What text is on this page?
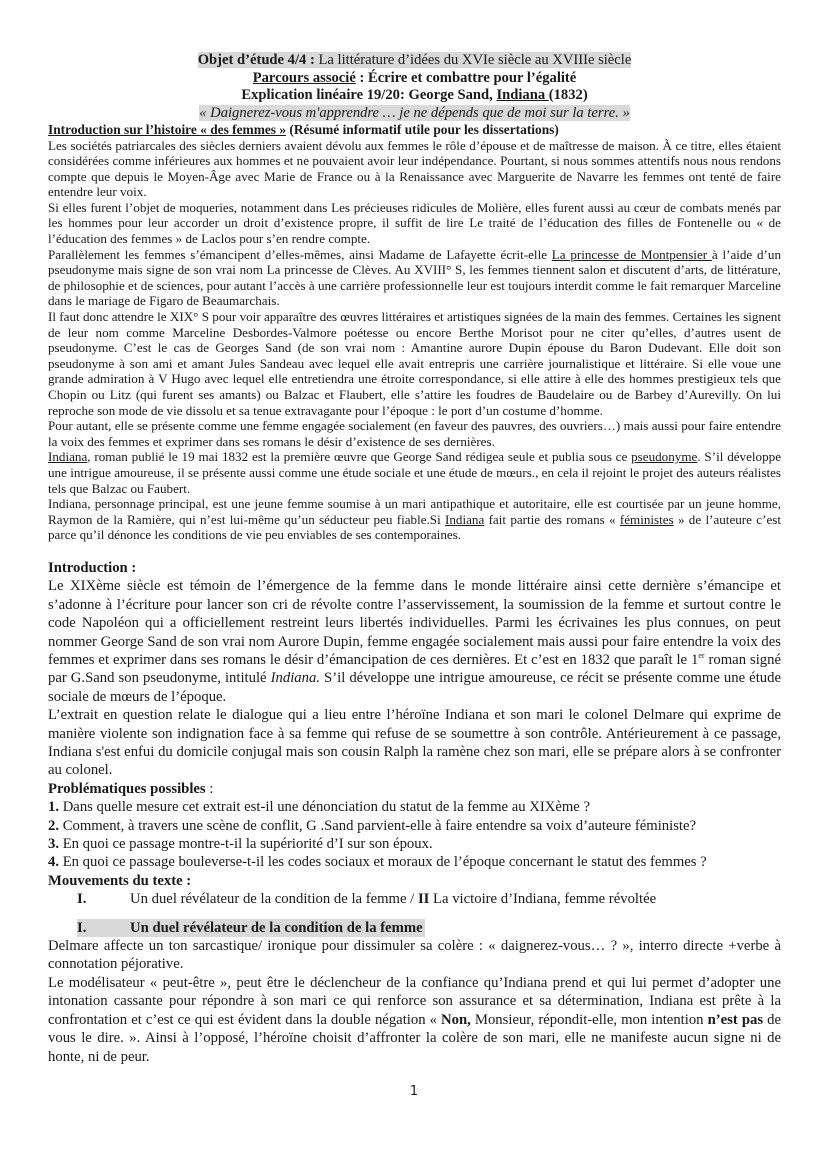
Objet d’étude 4/4 : La littérature d’idées du XVIe siècle au XVIIIe siècle
Parcours associé : Écrire et combattre pour l’égalité
Explication linéaire 19/20: George Sand, Indiana (1832)
« Daignerez-vous m'apprendre … je ne dépends que de moi sur la terre. »
Introduction sur l’histoire « des femmes » (Résumé informatif utile pour les dissertations)

Les sociétés patriarcales des siècles derniers avaient dévolu aux femmes le rôle d’épouse et de maîtresse de maison. À ce titre, elles étaient considérées comme inférieures aux hommes et ne pouvaient avoir leur indépendance. Pourtant, si nous sommes attentifs nous nous rendons compte que depuis le Moyen-Âge avec Marie de France ou à la Renaissance avec Marguerite de Navarre les femmes ont tenté de faire entendre leur voix.
Si elles furent l’objet de moqueries, notamment dans Les précieuses ridicules de Molière, elles furent aussi au cœur de combats menés par les hommes pour leur accorder un droit d’existence propre, il suffit de lire Le traité de l’éducation des filles de Fontenelle ou « de l’éducation des femmes » de Laclos pour s’en rendre compte.

Parallèlement les femmes s’émancipent d’elles-mêmes, ainsi Madame de Lafayette écrit-elle La princesse de Montpensier à l’aide d’un pseudonyme mais signe de son vrai nom La princesse de Clèves. Au XVIII° S, les femmes tiennent salon et discutent d’arts, de littérature, de philosophie et de sciences, pour autant l’accès à une carrière professionnelle leur est toujours interdit comme le fait remarquer Marceline dans le mariage de Figaro de Beaumarchais.

Il faut donc attendre le XIX° S pour voir apparaître des œuvres littéraires et artistiques signées de la main des femmes. Certaines les signent de leur nom comme Marceline Desbordes-Valmore poétesse ou encore Berthe Morisot pour ne citer qu’elles, d’autres usent de pseudonyme. C’est le cas de Georges Sand (de son vrai nom : Amantine aurore Dupin épouse du Baron Dudevant. Elle doit son pseudonyme à son ami et amant Jules Sandeau avec lequel elle avait entrepris une carrière journalistique et littéraire. Si elle voue une grande admiration à V Hugo avec lequel elle entretiendra une étroite correspondance, si elle attire à elle des hommes prestigieux tels que Chopin ou Litz (qui furent ses amants) ou Balzac et Flaubert, elle s’attire les foudres de Baudelaire ou de Barbey d’Aurevilly. On lui reproche son mode de vie dissolu et sa tenue extravagante pour l’époque : le port d’un costume d’homme.

Pour autant, elle se présente comme une femme engagée socialement (en faveur des pauvres, des ouvriers…) mais aussi pour faire entendre la voix des femmes et exprimer dans ses romans le désir d’existence de ses dernières.

Indiana, roman publié le 19 mai 1832 est la première œuvre que George Sand rédigea seule et publia sous ce pseudonyme. S’il développe une intrigue amoureuse, il se présente aussi comme une étude sociale et une étude de mœurs., en cela il rejoint le projet des auteurs réalistes tels que Balzac ou Faubert.

Indiana, personnage principal, est une jeune femme soumise à un mari antipathique et autoritaire, elle est courtisée par un jeune homme, Raymon de la Ramière, qui n’est lui-même qu’un séducteur peu fiable.Si Indiana fait partie des romans « féministes » de l’auteure c’est parce qu’il dénonce les conditions de vie peu enviables de ses contemporaines.

Introduction :

Le XIXème siècle est témoin de l’émergence de la femme dans le monde littéraire ainsi cette dernière s’émancipe et s’adonne à l’écriture pour lancer son cri de révolte contre l’asservissement, la soumission de la femme et surtout contre le code Napoléon qui a officiellement restreint leurs libertés individuelles. Parmi les écrivaines les plus connues, on peut nommer George Sand de son vrai nom Aurore Dupin, femme engagée socialement mais aussi pour faire entendre la voix des femmes et exprimer dans ses romans le désir d’émancipation de ces dernières. Et c’est en 1832 que paraît le 1er roman signé par G.Sand son pseudonyme, intitulé Indiana. S’il développe une intrigue amoureuse, ce récit se présente comme une étude sociale de mœurs de l’époque.

L’extrait en question relate le dialogue qui a lieu entre l’héroïne Indiana et son mari le colonel Delmare qui exprime de manière violente son indignation face à sa femme qui refuse de se soumettre à son contrôle. Antérieurement à ce passage, Indiana s'est enfui du domicile conjugal mais son cousin Ralph la ramène chez son mari, elle se prépare alors à se confronter au colonel.

Problématiques possibles :

1. Dans quelle mesure cet extrait est-il une dénonciation du statut de la femme au XIXème ?

2. Comment, à travers une scène de conflit, G .Sand parvient-elle à faire entendre sa voix d’auteure féministe?

3. En quoi ce passage montre-t-il la supériorité d’I sur son époux.

4. En quoi ce passage bouleverse-t-il les codes sociaux et moraux de l’époque concernant le statut des femmes ?

Mouvements du texte :

I.	Un duel révélateur de la condition de la femme / II La victoire d’Indiana, femme révoltée

I.	Un duel révélateur de la condition de la femme

Delmare affecte un ton sarcastique/ ironique pour dissimuler sa colère : « daignerez-vous… ? », interro directe +verbe à connotation péjorative.

Le modélisateur « peut-être », peut être le déclencheur de la confiance qu’Indiana prend et qui lui permet d’adopter une intonation cassante pour répondre à son mari ce qui renforce son assurance et sa détermination, Indiana est prête à la confrontation et c’est ce qui est évident dans la double négation « Non, Monsieur, répondit-elle, mon intention n’est pas de vous le dire. ». Ainsi à l’opposé, l’héroïne choisit d’affronter la colère de son mari, elle ne manifeste aucun signe ni de honte, ni de peur.

1
